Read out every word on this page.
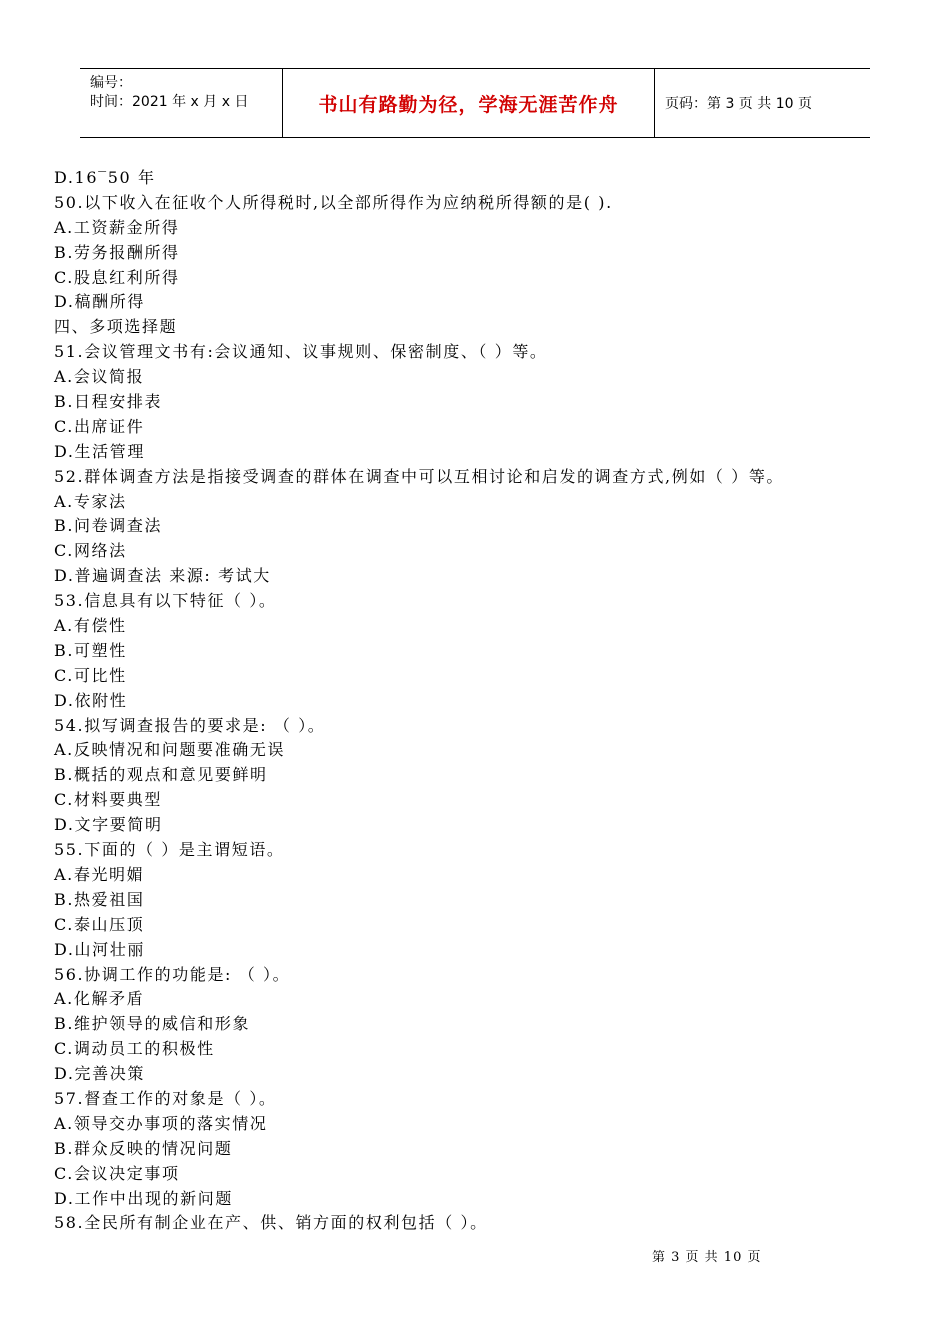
编号：
时间：2021 年 x 月 x 日	书山有路勤为径，学海无涯苦作舟	页码：第 3 页 共 10 页
D.16‾50 年
50.以下收入在征收个人所得税时,以全部所得作为应纳税所得额的是( ).
A.工资薪金所得
B.劳务报酬所得
C.股息红利所得
D.稿酬所得
四、多项选择题
51.会议管理文书有:会议通知、议事规则、保密制度、（ ）等。
A.会议简报
B.日程安排表
C.出席证件
D.生活管理
52.群体调查方法是指接受调查的群体在调查中可以互相讨论和启发的调查方式,例如（ ）等。
A.专家法
B.问卷调查法
C.网络法
D.普遍调查法 来源: 考试大
53.信息具有以下特征（ ）。
A.有偿性
B.可塑性
C.可比性
D.依附性
54.拟写调查报告的要求是: （ ）。
A.反映情况和问题要准确无误
B.概括的观点和意见要鲜明
C.材料要典型
D.文字要简明
55.下面的（ ）是主谓短语。
A.春光明媚
B.热爱祖国
C.泰山压顶
D.山河壮丽
56.协调工作的功能是: （ ）。
A.化解矛盾
B.维护领导的威信和形象
C.调动员工的积极性
D.完善决策
57.督查工作的对象是（ ）。
A.领导交办事项的落实情况
B.群众反映的情况问题
C.会议决定事项
D.工作中出现的新问题
58.全民所有制企业在产、供、销方面的权利包括（ ）。
第 3 页 共 10 页
